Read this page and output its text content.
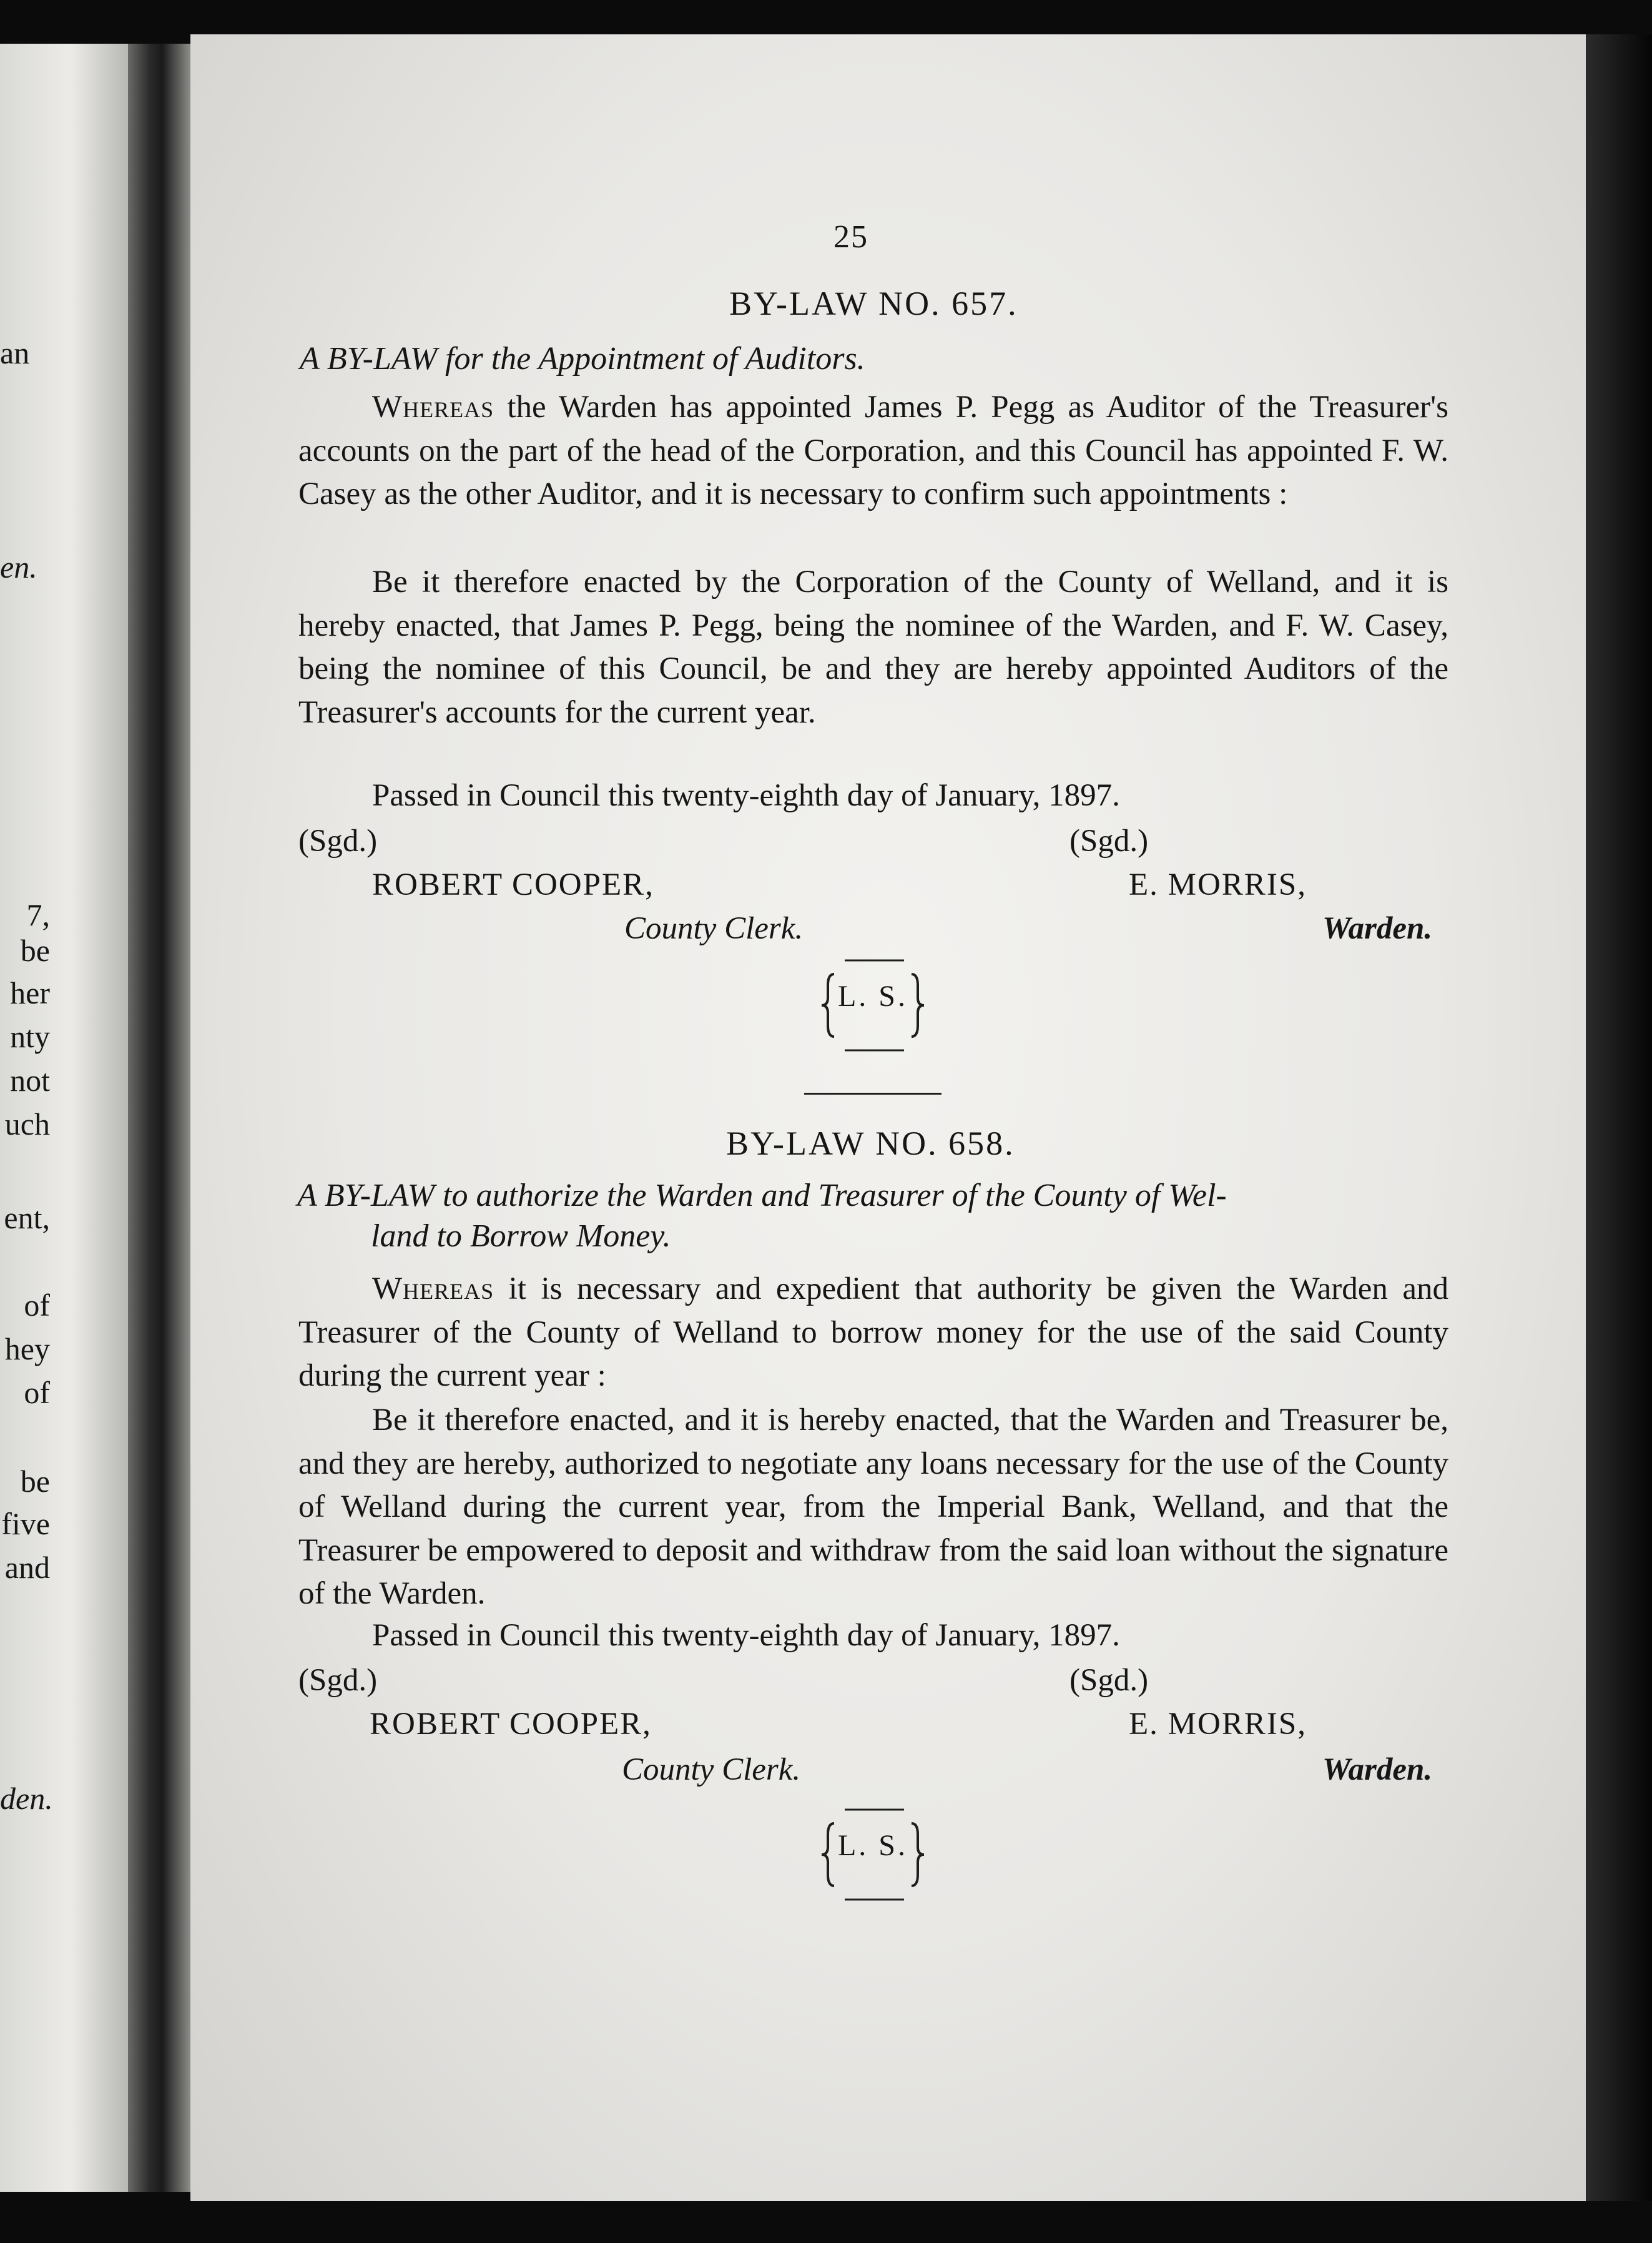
an
en.
7,
be
her
nty
not
uch
ent,
of
hey
of
be
five
and
den.
25
BY-LAW NO. 657.
A BY-LAW for the Appointment of Auditors.

Whereas the Warden has appointed James P. Pegg as Auditor of the Treasurer's accounts on the part of the head of the Corporation, and this Council has appointed F. W. Casey as the other Auditor, and it is necessary to confirm such appointments :

Be it therefore enacted by the Corporation of the County of Welland, and it is hereby enacted, that James P. Pegg, being the nominee of the Warden, and F. W. Casey, being the nominee of this Council, be and they are hereby appointed Auditors of the Treasurer's accounts for the current year.

Passed in Council this twenty-eighth day of January, 1897.
(Sgd.)	(Sgd.)
ROBERT COOPER,	E. MORRIS,
County Clerk.	Warden.
L. S.
BY-LAW NO. 658.
A BY-LAW to authorize the Warden and Treasurer of the County of Wel-
land to Borrow Money.

Whereas it is necessary and expedient that authority be given the Warden and Treasurer of the County of Welland to borrow money for the use of the said County during the current year :

Be it therefore enacted, and it is hereby enacted, that the Warden and Treasurer be, and they are hereby, authorized to negotiate any loans necessary for the use of the County of Welland during the current year, from the Imperial Bank, Welland, and that the Treasurer be empowered to deposit and withdraw from the said loan without the signature of the Warden.

Passed in Council this twenty-eighth day of January, 1897.
(Sgd.)	(Sgd.)
ROBERT COOPER,	E. MORRIS,
County Clerk.	Warden.
L. S.
